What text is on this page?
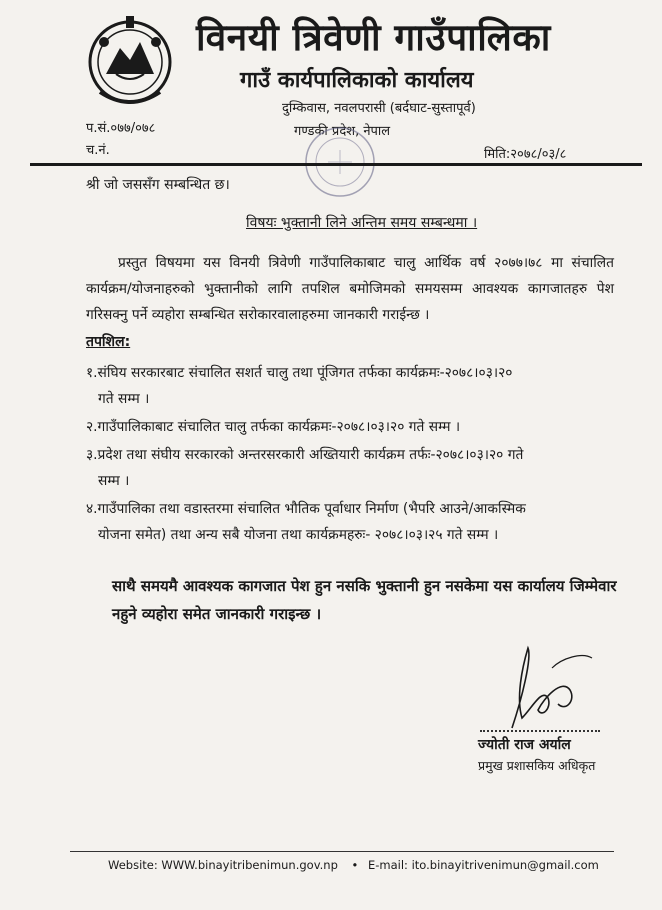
विनयी त्रिवेणी गाउँपालिका
गाउँ कार्यपालिकाको कार्यालय
दुम्किवास, नवलपरासी (बर्दघाट-सुस्तापूर्व)
गण्डकी प्रदेश, नेपाल
प.सं.०७७/०७८
च.नं.	मिति:२०७८/०३/८
श्री जो जससँग सम्बन्धित छ।
विषयः भुक्तानी लिने अन्तिम समय सम्बन्धमा ।
प्रस्तुत विषयमा यस विनयी त्रिवेणी गाउँपालिकाबाट चालु आर्थिक वर्ष २०७७।७८ मा संचालित कार्यक्रम/योजनाहरुको भुक्तानीको लागि तपशिल बमोजिमको समयसम्म आवश्यक कागजातहरु पेश गरिसक्नु पर्ने व्यहोरा सम्बन्धित सरोकारवालाहरुमा जानकारी गराईन्छ ।
तपशिल:
१.संघिय सरकारबाट संचालित सशर्त चालु तथा पूंजिगत तर्फका कार्यक्रमः-२०७८।०३।२०
गते सम्म ।
२.गाउँपालिकाबाट संचालित चालु तर्फका कार्यक्रमः-२०७८।०३।२० गते सम्म ।
३.प्रदेश तथा संघीय सरकारको अन्तरसरकारी अख्तियारी कार्यक्रम तर्फः-२०७८।०३।२० गते
सम्म ।
४.गाउँपालिका तथा वडास्तरमा संचालित भौतिक पूर्वाधार निर्माण (भैपरि आउने/आकस्मिक
योजना समेत) तथा अन्य सबै योजना तथा कार्यक्रमहरुः- २०७८।०३।२५ गते सम्म ।
साथै समयमै आवश्यक कागजात पेश हुन नसकि भुक्तानी हुन नसकेमा यस कार्यालय जिम्मेवार नहुने व्यहोरा समेत जानकारी गराइन्छ ।
ज्योती राज अर्याल
प्रमुख प्रशासकिय अधिकृत
Website: WWW.binayitribenimun.gov.np • E-mail: ito.binayitrivenimun@gmail.com
